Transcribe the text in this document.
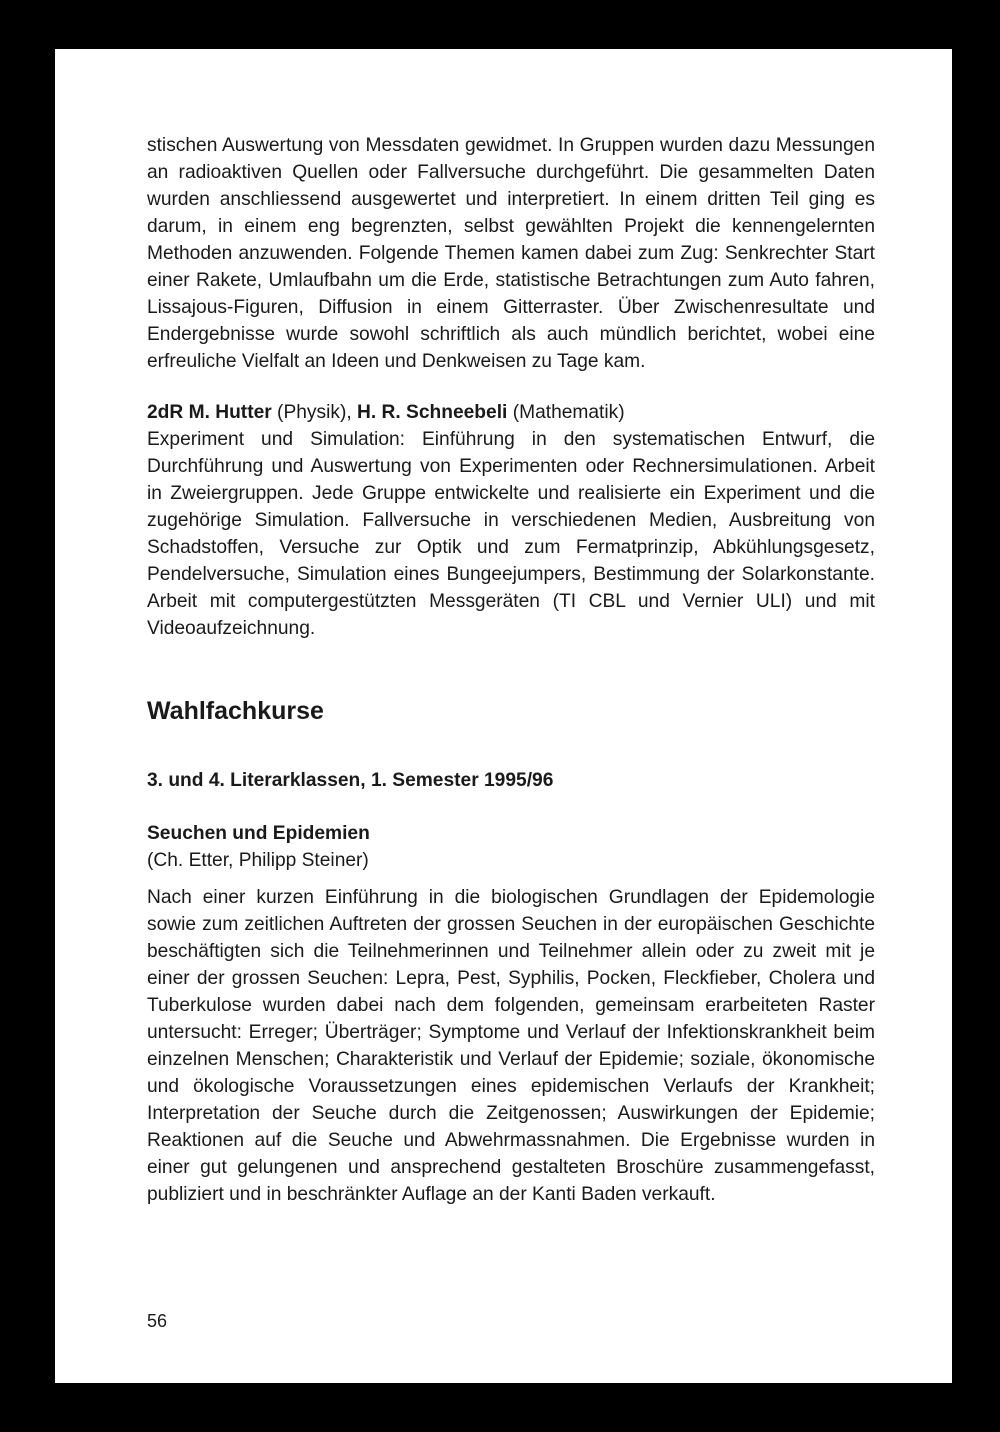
stischen Auswertung von Messdaten gewidmet. In Gruppen wurden dazu Messungen an radioaktiven Quellen oder Fallversuche durchgeführt. Die gesammelten Daten wurden anschliessend ausgewertet und interpretiert. In einem dritten Teil ging es darum, in einem eng begrenzten, selbst gewählten Projekt die kennengelernten Methoden anzuwenden. Folgende Themen kamen dabei zum Zug: Senkrechter Start einer Rakete, Umlaufbahn um die Erde, statistische Betrachtungen zum Auto fahren, Lissajous-Figuren, Diffusion in einem Gitterraster. Über Zwischenresultate und Endergebnisse wurde sowohl schriftlich als auch mündlich berichtet, wobei eine erfreuliche Vielfalt an Ideen und Denkweisen zu Tage kam.

2dR M. Hutter (Physik), H. R. Schneebeli (Mathematik)

Experiment und Simulation: Einführung in den systematischen Entwurf, die Durchführung und Auswertung von Experimenten oder Rechnersimulationen. Arbeit in Zweiergruppen. Jede Gruppe entwickelte und realisierte ein Experiment und die zugehörige Simulation. Fallversuche in verschiedenen Medien, Ausbreitung von Schadstoffen, Versuche zur Optik und zum Fermatprinzip, Abkühlungsgesetz, Pendelversuche, Simulation eines Bungeejumpers, Bestimmung der Solarkonstante. Arbeit mit computergestützten Messgeräten (TI CBL und Vernier ULI) und mit Videoaufzeichnung.

Wahlfachkurse
3. und 4. Literarklassen, 1. Semester 1995/96
Seuchen und Epidemien

(Ch. Etter, Philipp Steiner)

Nach einer kurzen Einführung in die biologischen Grundlagen der Epidemologie sowie zum zeitlichen Auftreten der grossen Seuchen in der europäischen Geschichte beschäftigten sich die Teilnehmerinnen und Teilnehmer allein oder zu zweit mit je einer der grossen Seuchen: Lepra, Pest, Syphilis, Pocken, Fleckfieber, Cholera und Tuberkulose wurden dabei nach dem folgenden, gemeinsam erarbeiteten Raster untersucht: Erreger; Überträger; Symptome und Verlauf der Infektionskrankheit beim einzelnen Menschen; Charakteristik und Verlauf der Epidemie; soziale, ökonomische und ökologische Voraussetzungen eines epidemischen Verlaufs der Krankheit; Interpretation der Seuche durch die Zeitgenossen; Auswirkungen der Epidemie; Reaktionen auf die Seuche und Abwehrmassnahmen. Die Ergebnisse wurden in einer gut gelungenen und ansprechend gestalteten Broschüre zusammengefasst, publiziert und in beschränkter Auflage an der Kanti Baden verkauft.

56
